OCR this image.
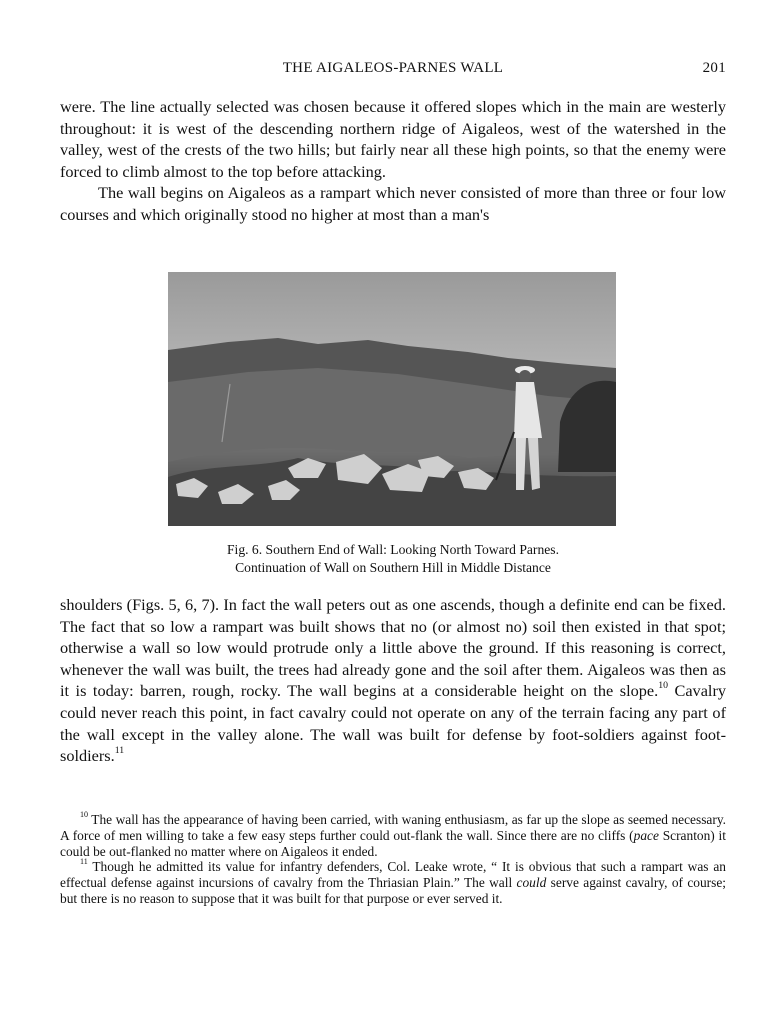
THE AIGALEOS-PARNES WALL	201

were. The line actually selected was chosen because it offered slopes which in the main are westerly throughout: it is west of the descending northern ridge of Aigaleos, west of the watershed in the valley, west of the crests of the two hills; but fairly near all these high points, so that the enemy were forced to climb almost to the top before attacking.

The wall begins on Aigaleos as a rampart which never consisted of more than three or four low courses and which originally stood no higher at most than a man's

Fig. 6. Southern End of Wall: Looking North Toward Parnes.

Continuation of Wall on Southern Hill in Middle Distance

shoulders (Figs. 5, 6, 7). In fact the wall peters out as one ascends, though a definite end can be fixed. The fact that so low a rampart was built shows that no (or almost no) soil then existed in that spot; otherwise a wall so low would protrude only a little above the ground. If this reasoning is correct, whenever the wall was built, the trees had already gone and the soil after them. Aigaleos was then as it is today: barren, rough, rocky. The wall begins at a considerable height on the slope.$^{10}$ Cavalry could never reach this point, in fact cavalry could not operate on any of the terrain facing any part of the wall except in the valley alone. The wall was built for defense by foot-soldiers against foot-soldiers.$^{11}$

$^{10}$ The wall has the appearance of having been carried, with waning enthusiasm, as far up the slope as seemed necessary. A force of men willing to take a few easy steps further could out-flank the wall. Since there are no cliffs (pace Scranton) it could be out-flanked no matter where on Aigaleos it ended.

$^{11}$ Though he admitted its value for infantry defenders, Col. Leake wrote, “ It is obvious that such a rampart was an effectual defense against incursions of cavalry from the Thriasian Plain.” The wall could serve against cavalry, of course; but there is no reason to suppose that it was built for that purpose or ever served it.
